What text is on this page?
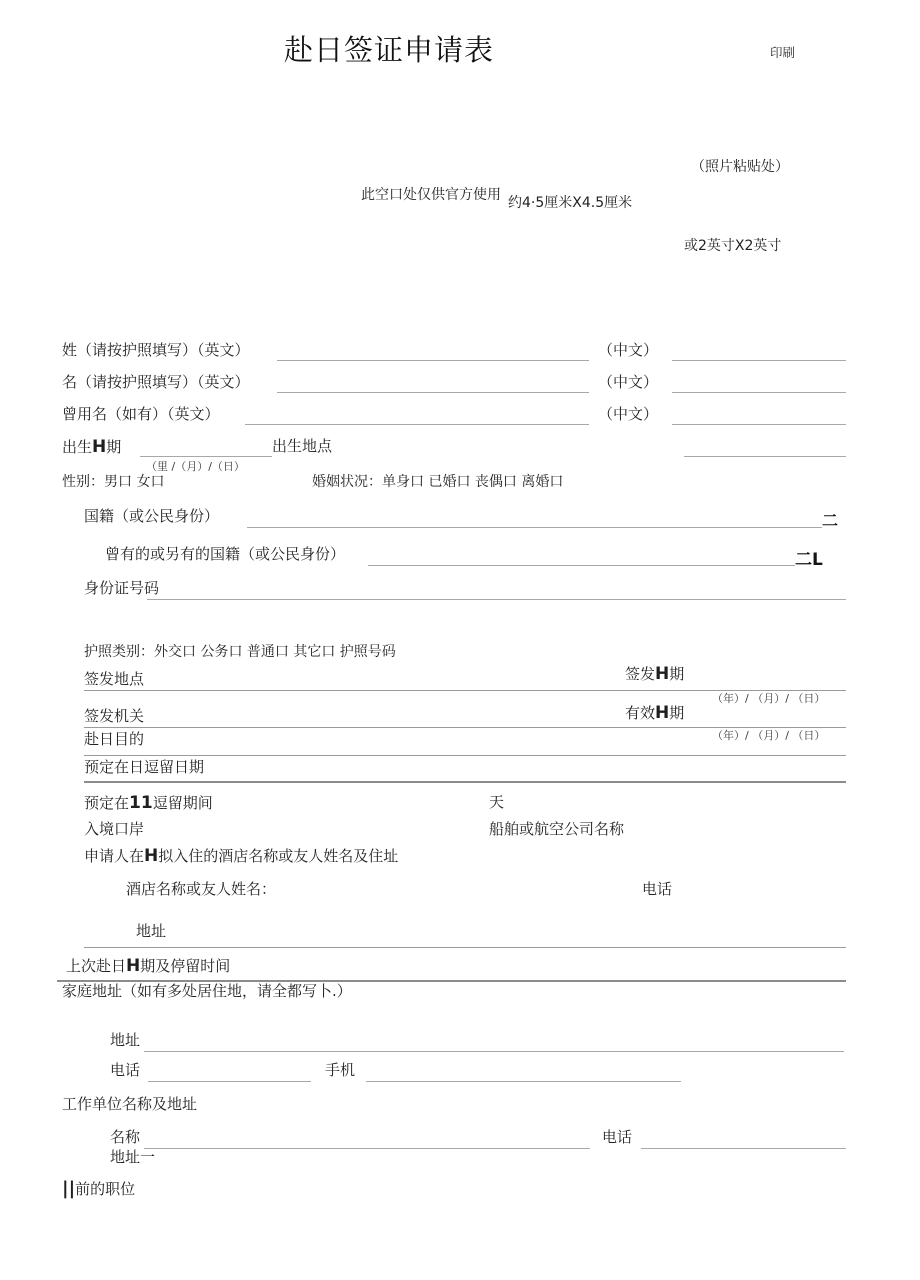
赴日签证申请表	印刷
（照片粘贴处）
此空口处仅供官方使用 约4·5厘米X4.5厘米
或2英寸X2英寸
姓（请按护照填写）（英文）	（中文）
名（请按护照填写）（英文）	（中文）
曾用名（如有）（英文）	（中文）
出生H期	出生地点
（里 /（月）/（日）
性别：男口 女口	婚姻状况：单身口 已婚口 丧偶口 离婚口
国籍（或公民身份）	二
曾有的或另有的国籍（或公民身份）	二L
身份证号码
护照类别：外交口 公务口 普通口 其它口 护照号码
签发地点	签发H期
（年）/ （月）/ （日）
签发机关	有效H期
（年）/ （月）/ （日）
赴日目的
预定在日逗留日期
预定在11逗留期间	天
入境口岸	船舶或航空公司名称
申请人在H拟入住的酒店名称或友人姓名及住址
酒店名称或友人姓名：	电话
地址
上次赴日H期及停留时间
家庭地址（如有多处居住地，请全都写卜.）
地址
电话	手机
工作单位名称及地址
名称	电话
地址一
||前的职位
